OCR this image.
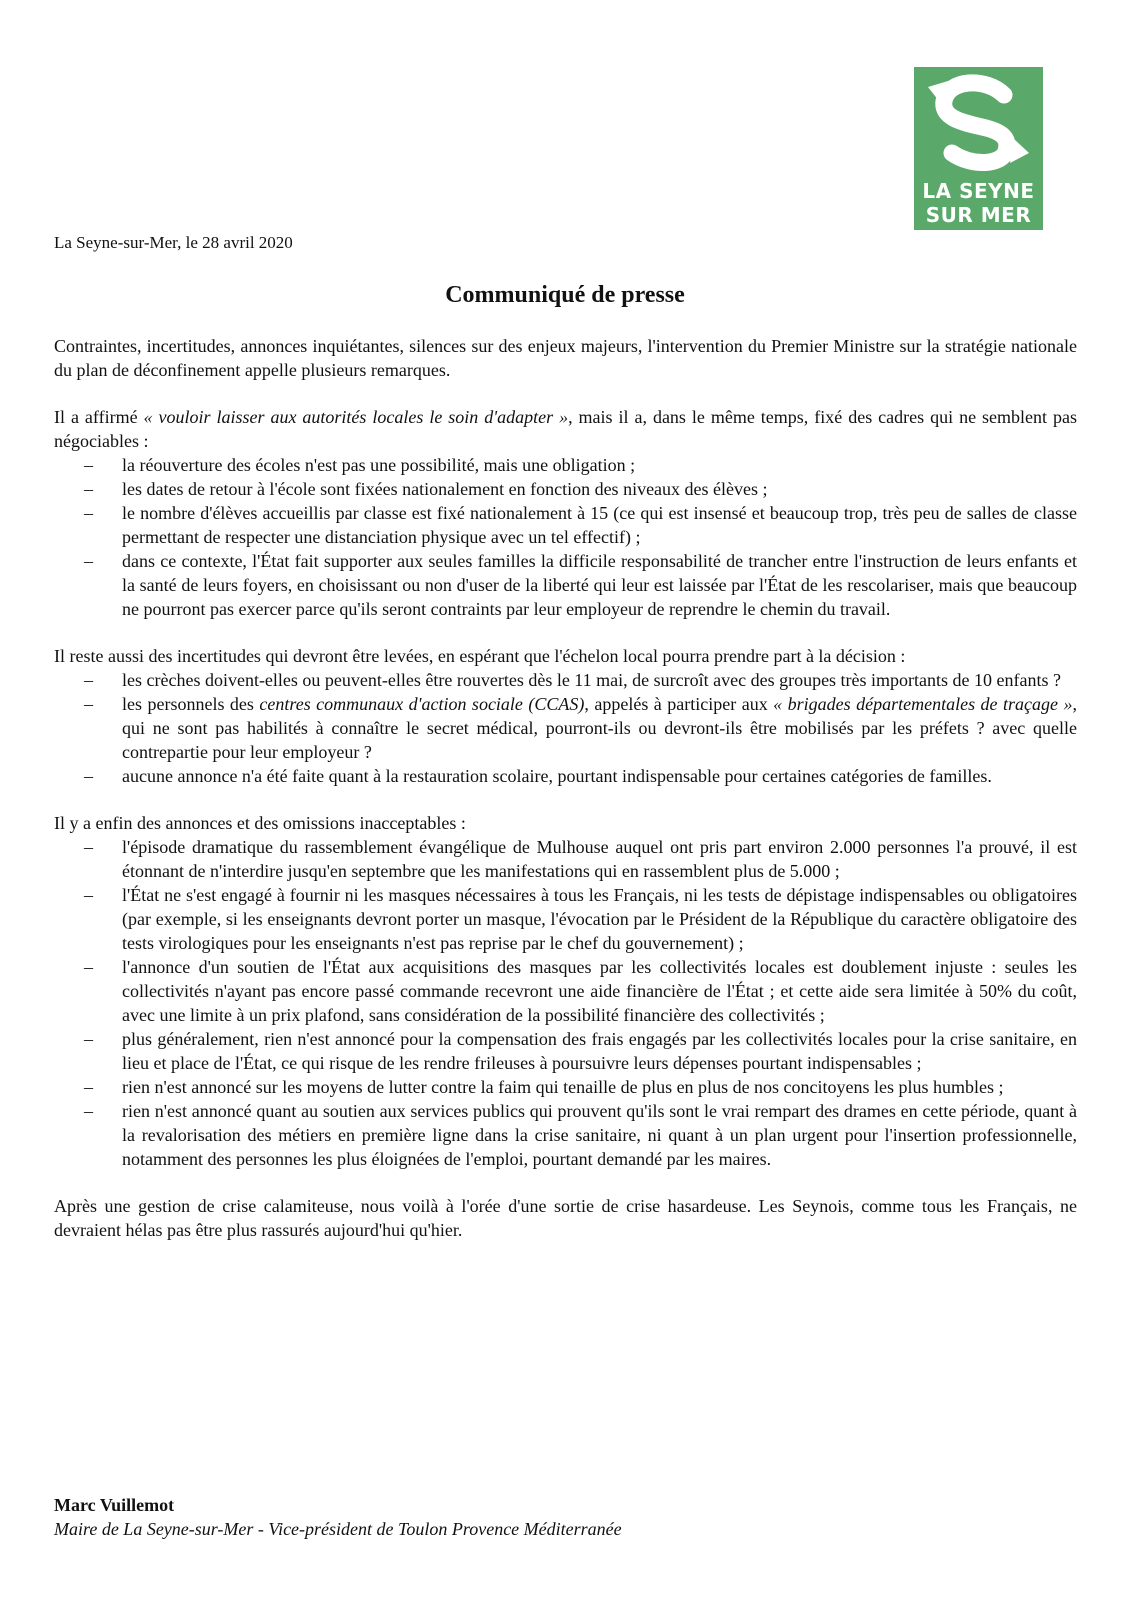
LA SEYNE
SUR MER
La Seyne-sur-Mer, le 28 avril 2020
Communiqué de presse

Contraintes, incertitudes, annonces inquiétantes, silences sur des enjeux majeurs, l'intervention du Premier Ministre sur la stratégie nationale du plan de déconfinement appelle plusieurs remarques.

Il a affirmé « vouloir laisser aux autorités locales le soin d'adapter », mais il a, dans le même temps, fixé des cadres qui ne semblent pas négociables :

– la réouverture des écoles n'est pas une possibilité, mais une obligation ;
– les dates de retour à l'école sont fixées nationalement en fonction des niveaux des élèves ;
– le nombre d'élèves accueillis par classe est fixé nationalement à 15 (ce qui est insensé et beaucoup trop, très peu de salles de classe permettant de respecter une distanciation physique avec un tel effectif) ;
– dans ce contexte, l'État fait supporter aux seules familles la difficile responsabilité de trancher entre l'instruction de leurs enfants et la santé de leurs foyers, en choisissant ou non d'user de la liberté qui leur est laissée par l'État de les rescolariser, mais que beaucoup ne pourront pas exercer parce qu'ils seront contraints par leur employeur de reprendre le chemin du travail.

Il reste aussi des incertitudes qui devront être levées, en espérant que l'échelon local pourra prendre part à la décision :

– les crèches doivent-elles ou peuvent-elles être rouvertes dès le 11 mai, de surcroît avec des groupes très importants de 10 enfants ?
– les personnels des centres communaux d'action sociale (CCAS), appelés à participer aux « brigades départementales de traçage », qui ne sont pas habilités à connaître le secret médical, pourront-ils ou devront-ils être mobilisés par les préfets ? avec quelle contrepartie pour leur employeur ?
– aucune annonce n'a été faite quant à la restauration scolaire, pourtant indispensable pour certaines catégories de familles.

Il y a enfin des annonces et des omissions inacceptables :

– l'épisode dramatique du rassemblement évangélique de Mulhouse auquel ont pris part environ 2.000 personnes l'a prouvé, il est étonnant de n'interdire jusqu'en septembre que les manifestations qui en rassemblent plus de 5.000 ;
– l'État ne s'est engagé à fournir ni les masques nécessaires à tous les Français, ni les tests de dépistage indispensables ou obligatoires (par exemple, si les enseignants devront porter un masque, l'évocation par le Président de la République du caractère obligatoire des tests virologiques pour les enseignants n'est pas reprise par le chef du gouvernement) ;
– l'annonce d'un soutien de l'État aux acquisitions des masques par les collectivités locales est doublement injuste : seules les collectivités n'ayant pas encore passé commande recevront une aide financière de l'État ; et cette aide sera limitée à 50% du coût, avec une limite à un prix plafond, sans considération de la possibilité financière des collectivités ;
– plus généralement, rien n'est annoncé pour la compensation des frais engagés par les collectivités locales pour la crise sanitaire, en lieu et place de l'État, ce qui risque de les rendre frileuses à poursuivre leurs dépenses pourtant indispensables ;
– rien n'est annoncé sur les moyens de lutter contre la faim qui tenaille de plus en plus de nos concitoyens les plus humbles ;
– rien n'est annoncé quant au soutien aux services publics qui prouvent qu'ils sont le vrai rempart des drames en cette période, quant à la revalorisation des métiers en première ligne dans la crise sanitaire, ni quant à un plan urgent pour l'insertion professionnelle, notamment des personnes les plus éloignées de l'emploi, pourtant demandé par les maires.

Après une gestion de crise calamiteuse, nous voilà à l'orée d'une sortie de crise hasardeuse. Les Seynois, comme tous les Français, ne devraient hélas pas être plus rassurés aujourd'hui qu'hier.

Marc Vuillemot
Maire de La Seyne-sur-Mer - Vice-président de Toulon Provence Méditerranée
